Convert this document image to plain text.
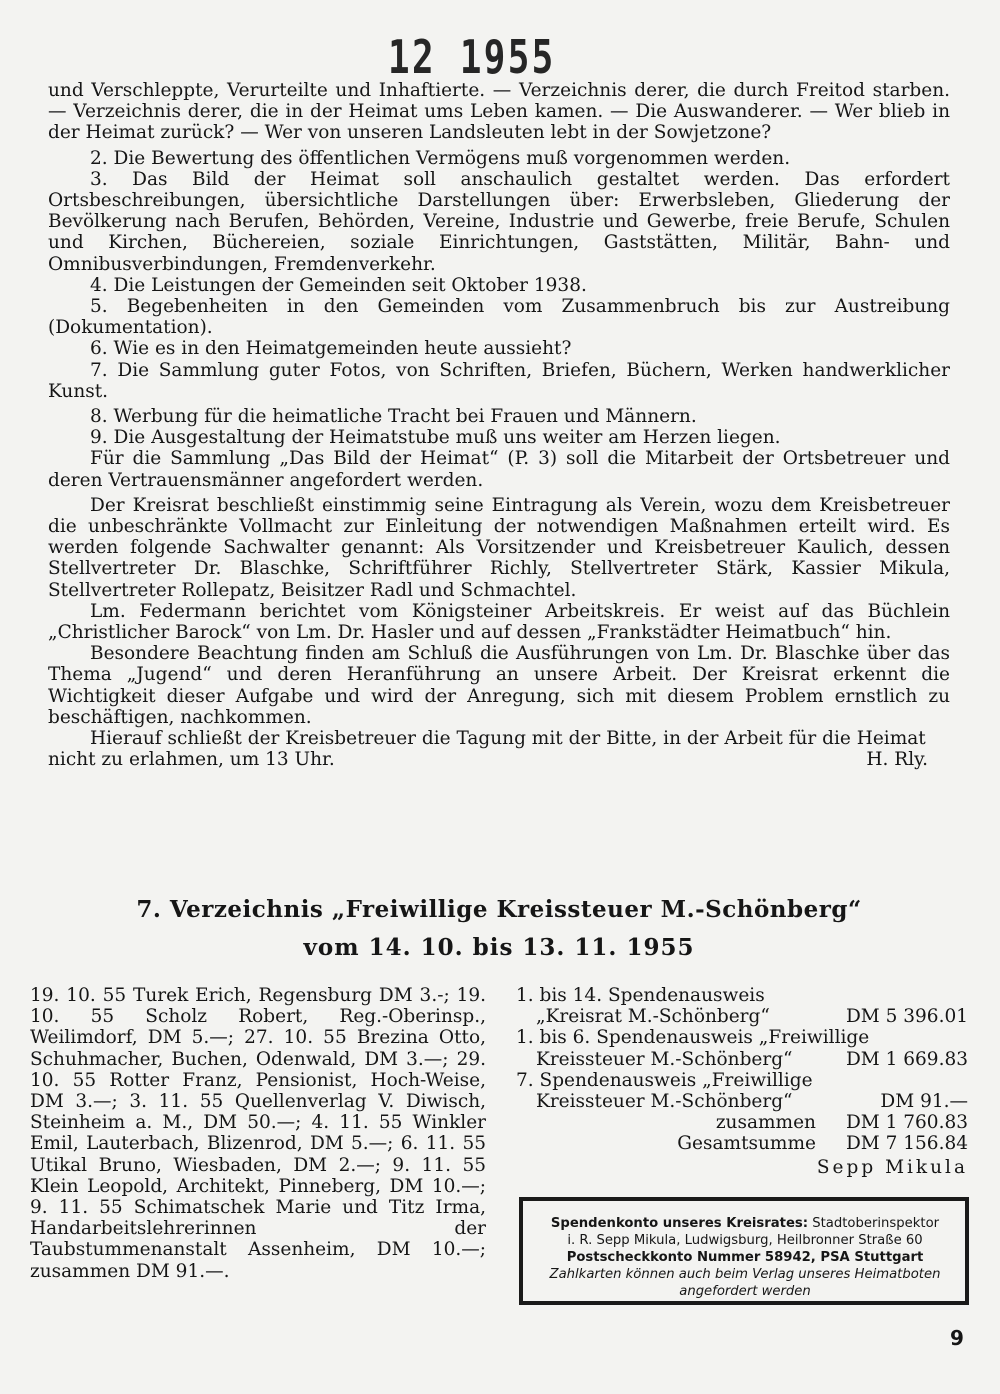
12 1955

und Verschleppte, Verurteilte und Inhaftierte. — Verzeichnis derer, die durch Freitod starben. — Verzeichnis derer, die in der Heimat ums Leben kamen. — Die Auswanderer. — Wer blieb in der Heimat zurück? — Wer von unseren Landsleuten lebt in der Sowjetzone?

2. Die Bewertung des öffentlichen Vermögens muß vorgenommen werden.

3. Das Bild der Heimat soll anschaulich gestaltet werden. Das erfordert Ortsbeschreibungen, übersichtliche Darstellungen über: Erwerbsleben, Gliederung der Bevölkerung nach Berufen, Behörden, Vereine, Industrie und Gewerbe, freie Berufe, Schulen und Kirchen, Büchereien, soziale Einrichtungen, Gaststätten, Militär, Bahn- und Omnibusverbindungen, Fremdenverkehr.

4. Die Leistungen der Gemeinden seit Oktober 1938.

5. Begebenheiten in den Gemeinden vom Zusammenbruch bis zur Austreibung (Dokumentation).

6. Wie es in den Heimatgemeinden heute aussieht?

7. Die Sammlung guter Fotos, von Schriften, Briefen, Büchern, Werken handwerklicher Kunst.

8. Werbung für die heimatliche Tracht bei Frauen und Männern.

9. Die Ausgestaltung der Heimatstube muß uns weiter am Herzen liegen.

Für die Sammlung „Das Bild der Heimat“ (P. 3) soll die Mitarbeit der Ortsbetreuer und deren Vertrauensmänner angefordert werden.

Der Kreisrat beschließt einstimmig seine Eintragung als Verein, wozu dem Kreisbetreuer die unbeschränkte Vollmacht zur Einleitung der notwendigen Maßnahmen erteilt wird. Es werden folgende Sachwalter genannt: Als Vorsitzender und Kreisbetreuer Kaulich, dessen Stellvertreter Dr. Blaschke, Schriftführer Richly, Stellvertreter Stärk, Kassier Mikula, Stellvertreter Rollepatz, Beisitzer Radl und Schmachtel.

Lm. Federmann berichtet vom Königsteiner Arbeitskreis. Er weist auf das Büchlein „Christlicher Barock“ von Lm. Dr. Hasler und auf dessen „Frankstädter Heimatbuch“ hin.

Besondere Beachtung finden am Schluß die Ausführungen von Lm. Dr. Blaschke über das Thema „Jugend“ und deren Heranführung an unsere Arbeit. Der Kreisrat erkennt die Wichtigkeit dieser Aufgabe und wird der Anregung, sich mit diesem Problem ernstlich zu beschäftigen, nachkommen.

Hierauf schließt der Kreisbetreuer die Tagung mit der Bitte, in der Arbeit für die Heimat nicht zu erlahmen, um 13 Uhr.	H. Rly.

7. Verzeichnis „Freiwillige Kreissteuer M.-Schönberg“
vom 14. 10. bis 13. 11. 1955
19. 10. 55 Turek Erich, Regensburg DM 3.-; 19. 10. 55 Scholz Robert, Reg.-Oberinsp., Weilimdorf, DM 5.—; 27. 10. 55 Brezina Otto, Schuhmacher, Buchen, Odenwald, DM 3.—; 29. 10. 55 Rotter Franz, Pensionist, Hoch-Weise, DM 3.—; 3. 11. 55 Quellenverlag V. Diwisch, Steinheim a. M., DM 50.—; 4. 11. 55 Winkler Emil, Lauterbach, Blizenrod, DM 5.—; 6. 11. 55 Utikal Bruno, Wiesbaden, DM 2.—; 9. 11. 55 Klein Leopold, Architekt, Pinneberg, DM 10.—; 9. 11. 55 Schimatschek Marie und Titz Irma, Handarbeitslehrerinnen der Taubstummenanstalt Assenheim, DM 10.—; zusammen DM 91.—.
1. bis 14. Spendenausweis
„Kreisrat M.-Schönberg“	DM 5 396.01
1. bis 6. Spendenausweis „Freiwillige
Kreissteuer M.-Schönberg“	DM 1 669.83
7. Spendenausweis „Freiwillige
Kreissteuer M.-Schönberg“	DM 91.—
zusammen DM 1 760.83
Gesamtsumme DM 7 156.84
Sepp Mikula
Spendenkonto unseres Kreisrates: Stadtoberinspektor
i. R. Sepp Mikula, Ludwigsburg, Heilbronner Straße 60
Postscheckkonto Nummer 58942, PSA Stuttgart
Zahlkarten können auch beim Verlag unseres Heimatboten angefordert werden
9
